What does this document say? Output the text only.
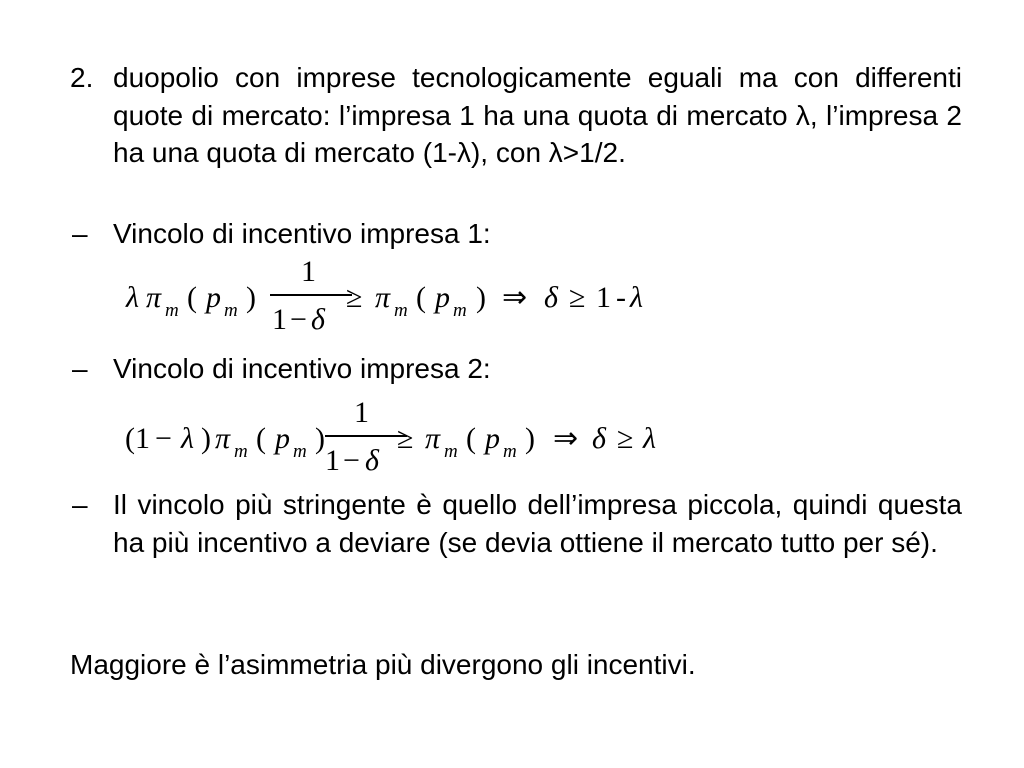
2. duopolio con imprese tecnologicamente eguali ma con differenti quote di mercato: l’impresa 1 ha una quota di mercato λ, l’impresa 2 ha una quota di mercato (1-λ), con λ>1/2.
– Vincolo di incentivo impresa 1:
λ π m ( p m )
1
1 − δ
≥ π m ( p m ) ⇒ δ ≥ 1 - λ
– Vincolo di incentivo impresa 2:
(1 − λ ) π m ( p m )
1
1 − δ
≥ π m ( p m ) ⇒ δ ≥ λ
– Il vincolo più stringente è quello dell’impresa piccola, quindi questa ha più incentivo a deviare (se devia ottiene il mercato tutto per sé).
Maggiore è l’asimmetria più divergono gli incentivi.
